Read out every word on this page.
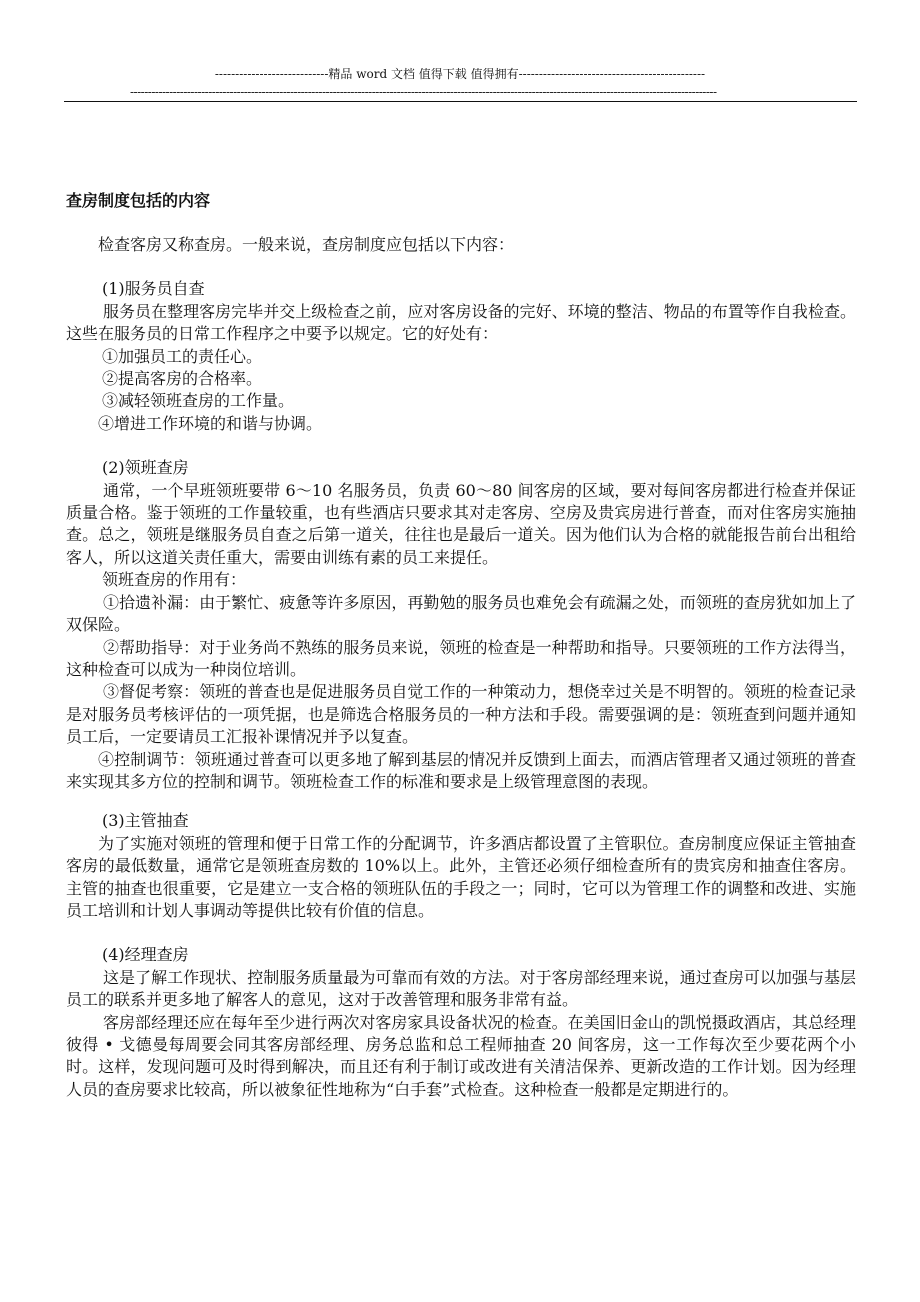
----------------------------精品 word 文档 值得下载 值得拥有----------------------------------------------
---------------------------------------------------------------------------------------------------------------------------------------------------------------------
查房制度包括的内容

检查客房又称查房。一般来说，查房制度应包括以下内容：

(1)服务员自查

服务员在整理客房完毕并交上级检查之前，应对客房设备的完好、环境的整洁、物品的布置等作自我检查。这些在服务员的日常工作程序之中要予以规定。它的好处有：

①加强员工的责任心。

②提高客房的合格率。

③减轻领班查房的工作量。

④增进工作环境的和谐与协调。

(2)领班查房

通常，一个早班领班要带 6～10 名服务员，负责 60～80 间客房的区域，要对每间客房都进行检查并保证质量合格。鉴于领班的工作量较重，也有些酒店只要求其对走客房、空房及贵宾房进行普查，而对住客房实施抽查。总之，领班是继服务员自查之后第一道关，往往也是最后一道关。因为他们认为合格的就能报告前台出租给客人，所以这道关责任重大，需要由训练有素的员工来提任。

领班查房的作用有：

①拾遗补漏：由于繁忙、疲惫等许多原因，再勤勉的服务员也难免会有疏漏之处，而领班的查房犹如加上了双保险。

②帮助指导：对于业务尚不熟练的服务员来说，领班的检查是一种帮助和指导。只要领班的工作方法得当，这种检查可以成为一种岗位培训。

③督促考察：领班的普查也是促进服务员自觉工作的一种策动力，想侥幸过关是不明智的。领班的检查记录是对服务员考核评估的一项凭据，也是筛选合格服务员的一种方法和手段。需要强调的是：领班查到问题并通知员工后，一定要请员工汇报补课情况并予以复查。

④控制调节：领班通过普查可以更多地了解到基层的情况并反馈到上面去，而酒店管理者又通过领班的普查来实现其多方位的控制和调节。领班检查工作的标准和要求是上级管理意图的表现。

(3)主管抽查

为了实施对领班的管理和便于日常工作的分配调节，许多酒店都设置了主管职位。查房制度应保证主管抽查客房的最低数量，通常它是领班查房数的 10%以上。此外，主管还必须仔细检查所有的贵宾房和抽查住客房。主管的抽查也很重要，它是建立一支合格的领班队伍的手段之一；同时，它可以为管理工作的调整和改进、实施员工培训和计划人事调动等提供比较有价值的信息。

(4)经理查房

这是了解工作现状、控制服务质量最为可靠而有效的方法。对于客房部经理来说，通过查房可以加强与基层员工的联系并更多地了解客人的意见，这对于改善管理和服务非常有益。

客房部经理还应在每年至少进行两次对客房家具设备状况的检查。在美国旧金山的凯悦摄政酒店，其总经理彼得 • 戈德曼每周要会同其客房部经理、房务总监和总工程师抽查 20 间客房，这一工作每次至少要花两个小时。这样，发现问题可及时得到解决，而且还有利于制订或改进有关清洁保养、更新改造的工作计划。因为经理人员的查房要求比较高，所以被象征性地称为“白手套”式检查。这种检查一般都是定期进行的。
